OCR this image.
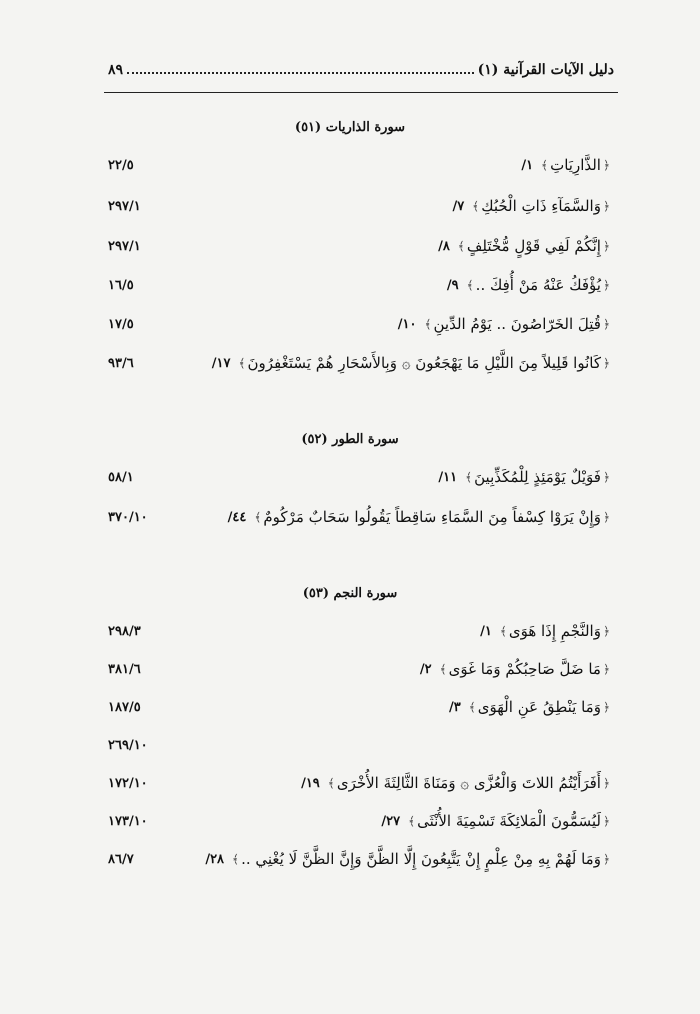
دليل الآيات القرآنية (١)
٨٩
سورة الذاريات (٥١)
﴿
الذَّارِيَاتِ
﴾
١/
٢٢/٥
﴿
وَالسَّمَآءِ ذَاتِ الْحُبُكِ
﴾
٧/
٢٩٧/١
﴿
إِنَّكُمْ لَفِي قَوْلٍ مُّخْتَلِفٍ
﴾
٨/
٢٩٧/١
﴿
يُؤْفَكُ عَنْهُ مَنْ أُفِكَ ..
﴾
٩/
١٦/٥
﴿
قُتِلَ الخَرّاصُونَ .. يَوْمُ الدِّينِ
﴾
١٠/
١٧/٥
﴿
كَانُوا قَلِيلاً مِنَ اللَّيْلِ مَا يَهْجَعُونَ ۞ وَبِالأَسْحَارِ هُمْ يَسْتَغْفِرُونَ
﴾
١٧/
٩٣/٦
سورة الطور (٥٢)
﴿
فَوَيْلٌ يَوْمَئِذٍ لِلْمُكَذِّبِينَ
﴾
١١/
٥٨/١
﴿
وَإِنْ يَرَوْا كِسْفاً مِنَ السَّمَاءِ سَاقِطاً يَقُولُوا سَحَابٌ مَرْكُومٌ
﴾
٤٤/
٣٧٠/١٠
سورة النجم (٥٣)
﴿
وَالنَّجْمِ إِذَا هَوَى
﴾
١/
٢٩٨/٣
﴿
مَا ضَلَّ صَاحِبُكُمْ وَمَا غَوَى
﴾
٢/
٣٨١/٦
﴿
وَمَا يَنْطِقُ عَنِ الْهَوَى
﴾
٣/
١٨٧/٥
٢٦٩/١٠
﴿
أَفَرَأَيْتُمُ اللاتَ وَالْعُزَّى ۞ وَمَنَاةَ الثَّالِثَةَ الأُخْرَى
﴾
١٩/
١٧٢/١٠
﴿
لَيُسَمُّونَ الْمَلائِكَةَ تَسْمِيَةَ الأُنْثَى
﴾
٢٧/
١٧٣/١٠
﴿
وَمَا لَهُمْ بِهِ مِنْ عِلْمٍ إِنْ يَتَّبِعُونَ إِلَّا الظَّنَّ وَإِنَّ الظَّنَّ لَا يُغْنِي ..
﴾
٢٨/
٨٦/٧
